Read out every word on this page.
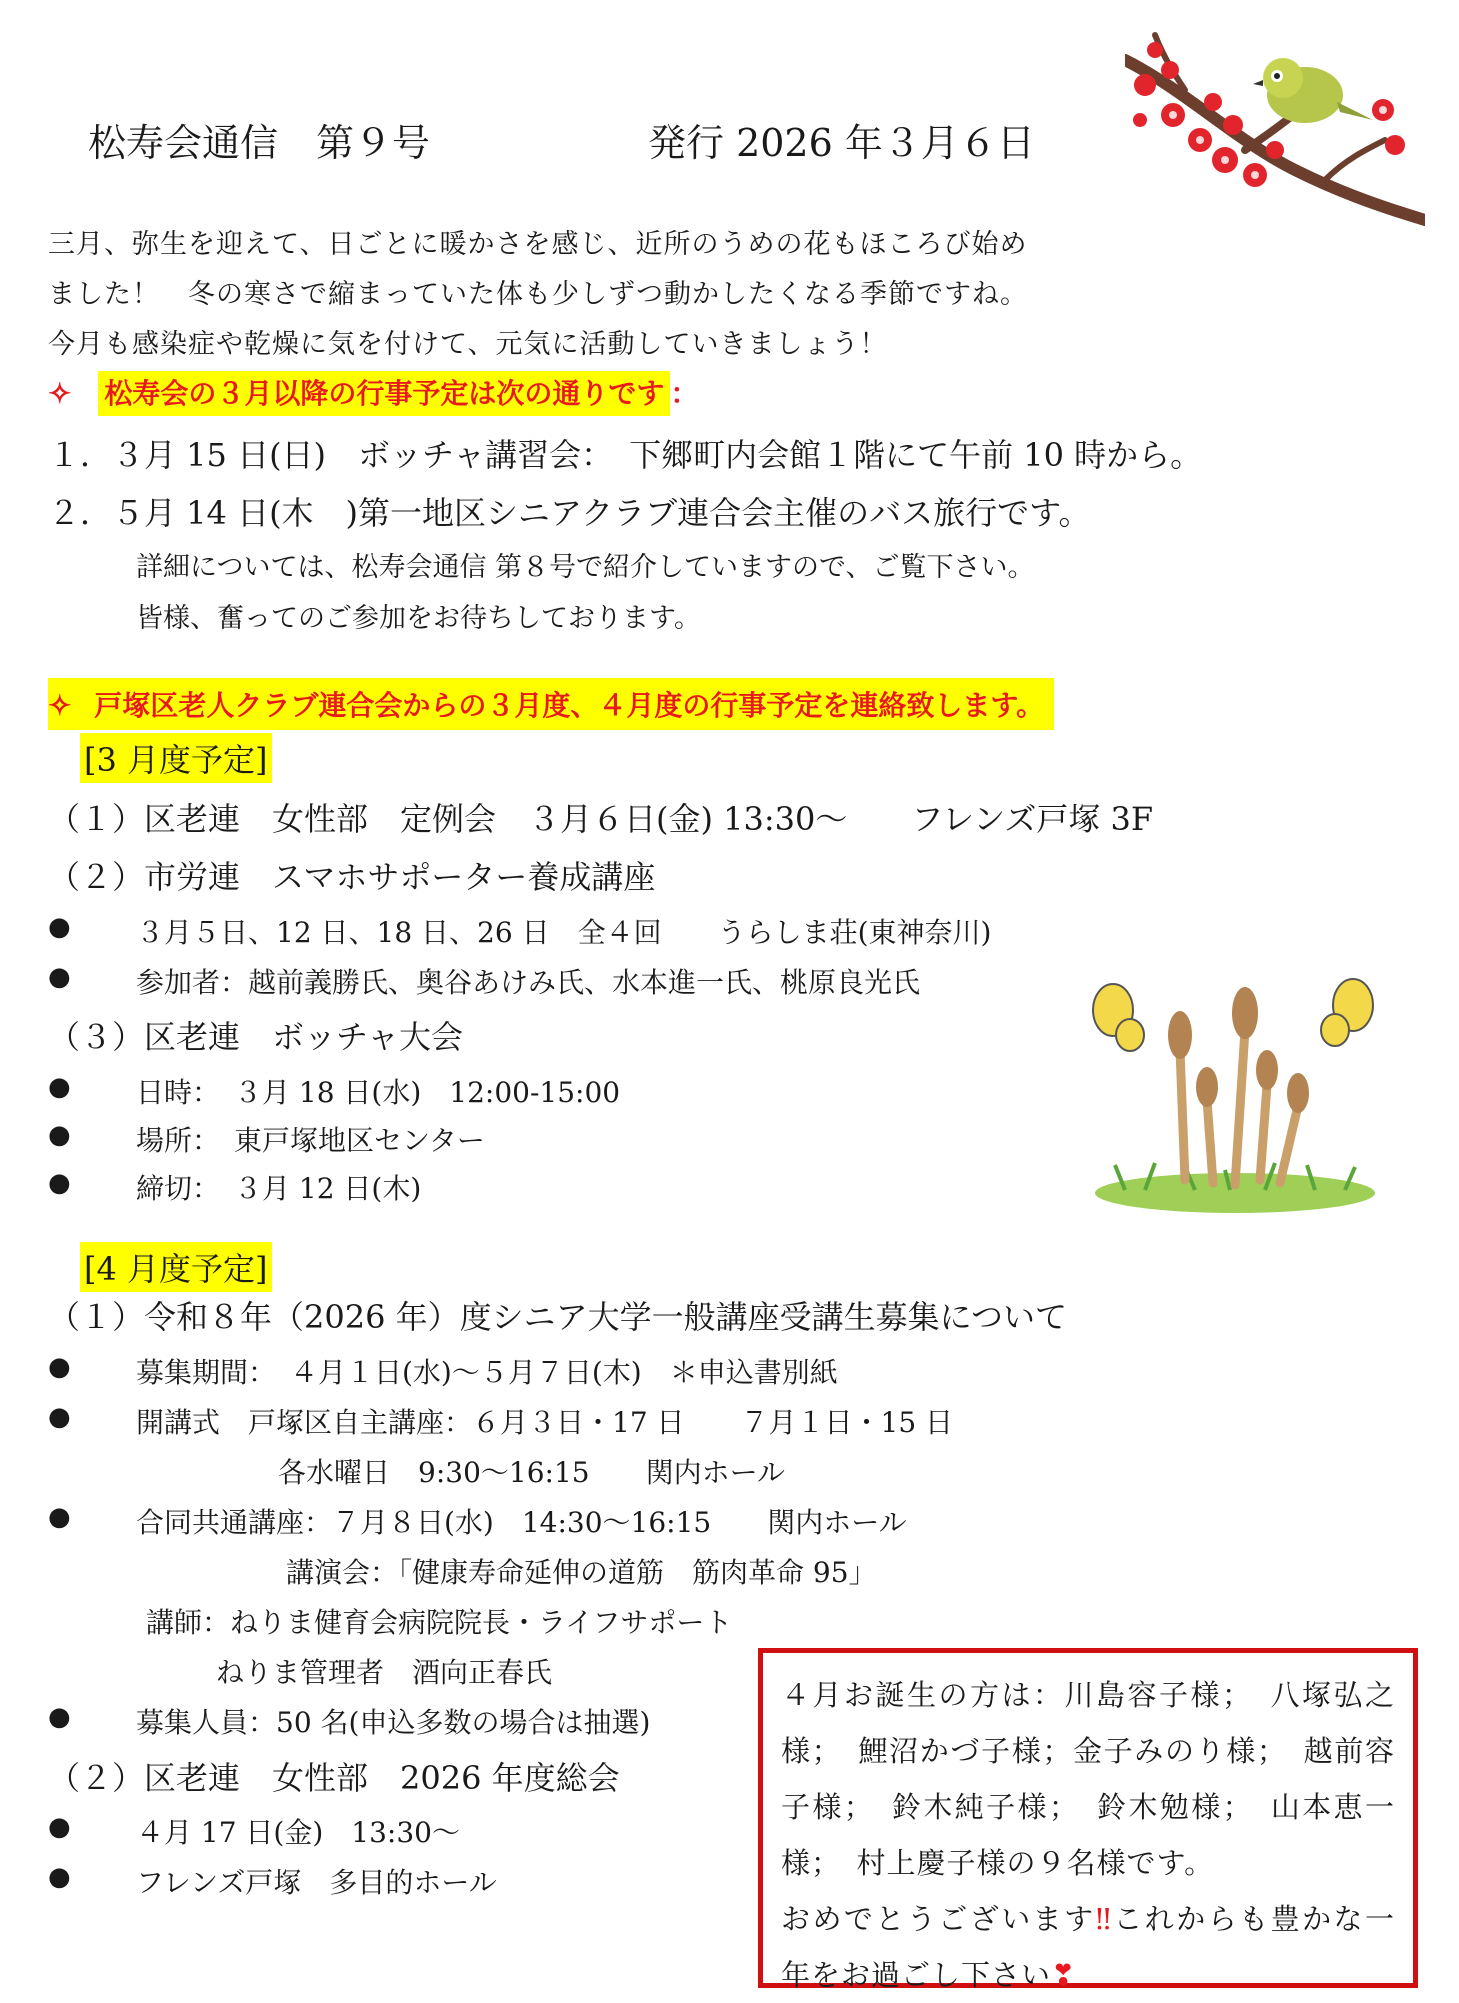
松寿会通信　第９号	発行 2026 年３月６日
三月、弥生を迎えて、日ごとに暖かさを感じ、近所のうめの花もほころび始め
ました！　冬の寒さで縮まっていた体も少しずつ動かしたくなる季節ですね。
今月も感染症や乾燥に気を付けて、元気に活動していきましょう！
✧ 松寿会の３月以降の行事予定は次の通りです ：
１．３月 15 日(日)　ボッチャ講習会：　下郷町内会館１階にて午前 10 時から。
２．５月 14 日(木　)第一地区シニアクラブ連合会主催のバス旅行です。
詳細については、松寿会通信 第８号で紹介していますので、ご覧下さい。
皆様、奮ってのご参加をお待ちしております。
✧ 戸塚区老人クラブ連合会からの３月度、４月度の行事予定を連絡致します。
[3 月度予定]
（１）区老連　女性部　定例会　３月６日(金) 13:30～　　フレンズ戸塚 3F
（２）市労連　スマホサポーター養成講座
● ３月５日、12 日、18 日、26 日　全４回　　うらしま荘(東神奈川)
● 参加者：越前義勝氏、奥谷あけみ氏、水本進一氏、桃原良光氏
（３）区老連　ボッチャ大会
● 日時：　３月 18 日(水)　12:00-15:00
● 場所：　東戸塚地区センター
● 締切：　３月 12 日(木)
[4 月度予定]
（１）令和８年（2026 年）度シニア大学一般講座受講生募集について
● 募集期間：　４月１日(水)～５月７日(木)　＊申込書別紙
● 開講式　戸塚区自主講座：６月３日・17 日　　７月１日・15 日
各水曜日　9:30～16:15　　関内ホール
● 合同共通講座：７月８日(水)　14:30～16:15　　関内ホール
講演会：「健康寿命延伸の道筋　筋肉革命 95」
講師：ねりま健育会病院院長・ライフサポート
ねりま管理者　酒向正春氏
● 募集人員：50 名(申込多数の場合は抽選)
（２）区老連　女性部　2026 年度総会
● ４月 17 日(金)　13:30～
● フレンズ戸塚　多目的ホール

４月お誕生の方は：川島容子様；　八塚弘之様；　鯉沼かづ子様；金子みのり様；　越前容子様；　鈴木純子様；　鈴木勉様；　山本恵一様；　村上慶子様の９名様です。

おめでとうございます‼これからも豊かな一年をお過ごし下さい❣
